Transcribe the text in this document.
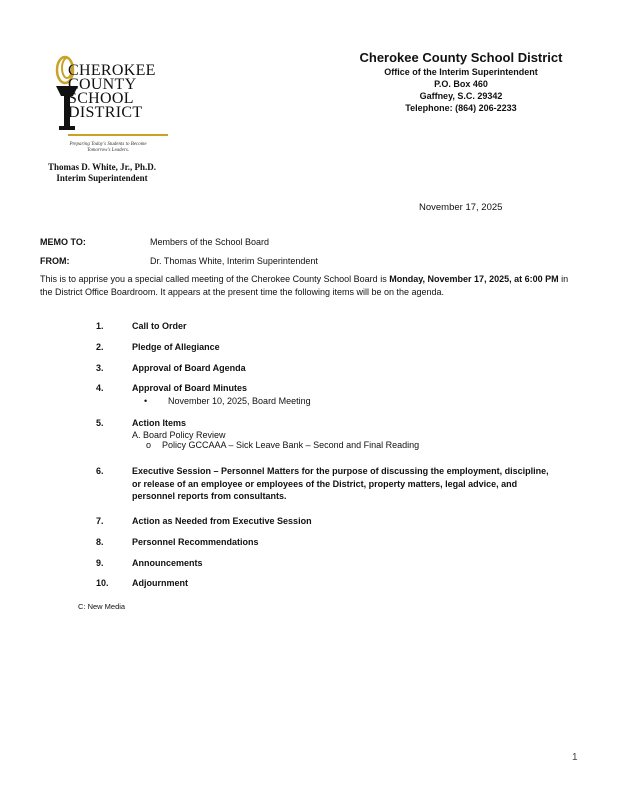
CHEROKEE
COUNTY
SCHOOL
DISTRICT
Preparing Today's Students to Become Tomorrow's Leaders.
Thomas D. White, Jr., Ph.D.
Interim Superintendent
Cherokee County School District
Office of the Interim Superintendent
P.O. Box 460
Gaffney, S.C. 29342
Telephone: (864) 206-2233
November 17, 2025
MEMO TO:	Members of the School Board
FROM:	Dr. Thomas White, Interim Superintendent
This is to apprise you a special called meeting of the Cherokee County School Board is Monday, November 17, 2025, at 6:00 PM in the District Office Boardroom. It appears at the present time the following items will be on the agenda.
1.	Call to Order
2.	Pledge of Allegiance
3.	Approval of Board Agenda
4.	Approval of Board Minutes
• November 10, 2025, Board Meeting
5.	Action Items
A. Board Policy Review
o Policy GCCAAA – Sick Leave Bank – Second and Final Reading
6.	Executive Session – Personnel Matters for the purpose of discussing the employment, discipline, or release of an employee or employees of the District, property matters, legal advice, and personnel reports from consultants.
7.	Action as Needed from Executive Session
8.	Personnel Recommendations
9.	Announcements
10.	Adjournment
C: New Media
1
